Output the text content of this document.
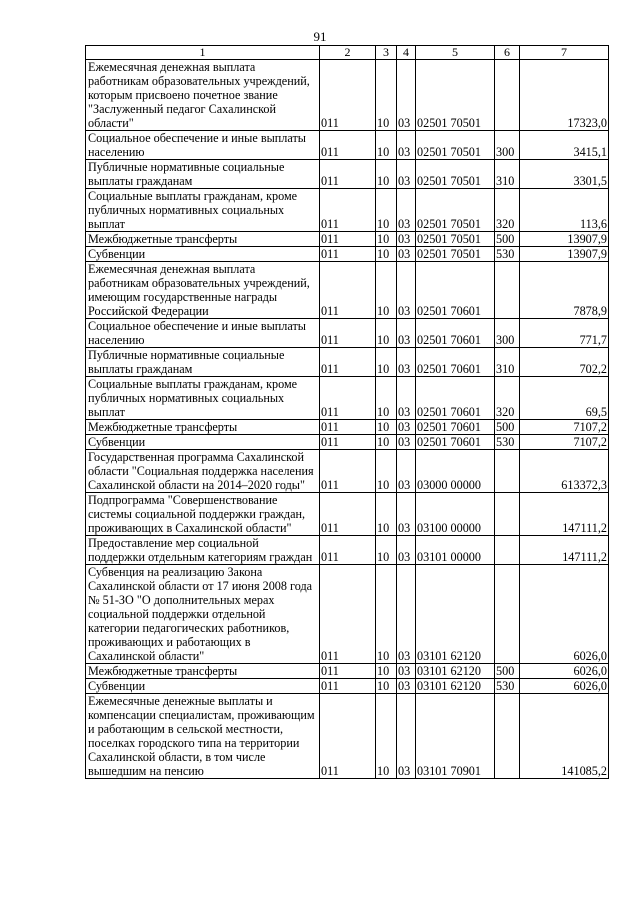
91
1	2	3	4	5	6	7
Ежемесячная денежная выплата работникам образовательных учреждений, которым присвоено почетное звание "Заслуженный педагог Сахалинской области"	011	10	03	02501 70501		17323,0
Социальное обеспечение и иные выплаты населению	011	10	03	02501 70501	300	3415,1
Публичные нормативные социальные выплаты гражданам	011	10	03	02501 70501	310	3301,5
Социальные выплаты гражданам, кроме публичных нормативных социальных выплат	011	10	03	02501 70501	320	113,6
Межбюджетные трансферты	011	10	03	02501 70501	500	13907,9
Субвенции	011	10	03	02501 70501	530	13907,9
Ежемесячная денежная выплата работникам образовательных учреждений, имеющим государственные награды Российской Федерации	011	10	03	02501 70601		7878,9
Социальное обеспечение и иные выплаты населению	011	10	03	02501 70601	300	771,7
Публичные нормативные социальные выплаты гражданам	011	10	03	02501 70601	310	702,2
Социальные выплаты гражданам, кроме публичных нормативных социальных выплат	011	10	03	02501 70601	320	69,5
Межбюджетные трансферты	011	10	03	02501 70601	500	7107,2
Субвенции	011	10	03	02501 70601	530	7107,2
Государственная программа Сахалинской области "Социальная поддержка населения Сахалинской области на 2014–2020 годы"	011	10	03	03000 00000		613372,3
Подпрограмма "Совершенствование системы социальной поддержки граждан, проживающих в Сахалинской области"	011	10	03	03100 00000		147111,2
Предоставление мер социальной поддержки отдельным категориям граждан	011	10	03	03101 00000		147111,2
Субвенция на реализацию Закона Сахалинской области от 17 июня 2008 года № 51-ЗО "О дополнительных мерах социальной поддержки отдельной категории педагогических работников, проживающих и работающих в Сахалинской области"	011	10	03	03101 62120		6026,0
Межбюджетные трансферты	011	10	03	03101 62120	500	6026,0
Субвенции	011	10	03	03101 62120	530	6026,0
Ежемесячные денежные выплаты и компенсации специалистам, проживающим и работающим в сельской местности, поселках городского типа на территории Сахалинской области, в том числе вышедшим на пенсию	011	10	03	03101 70901		141085,2
